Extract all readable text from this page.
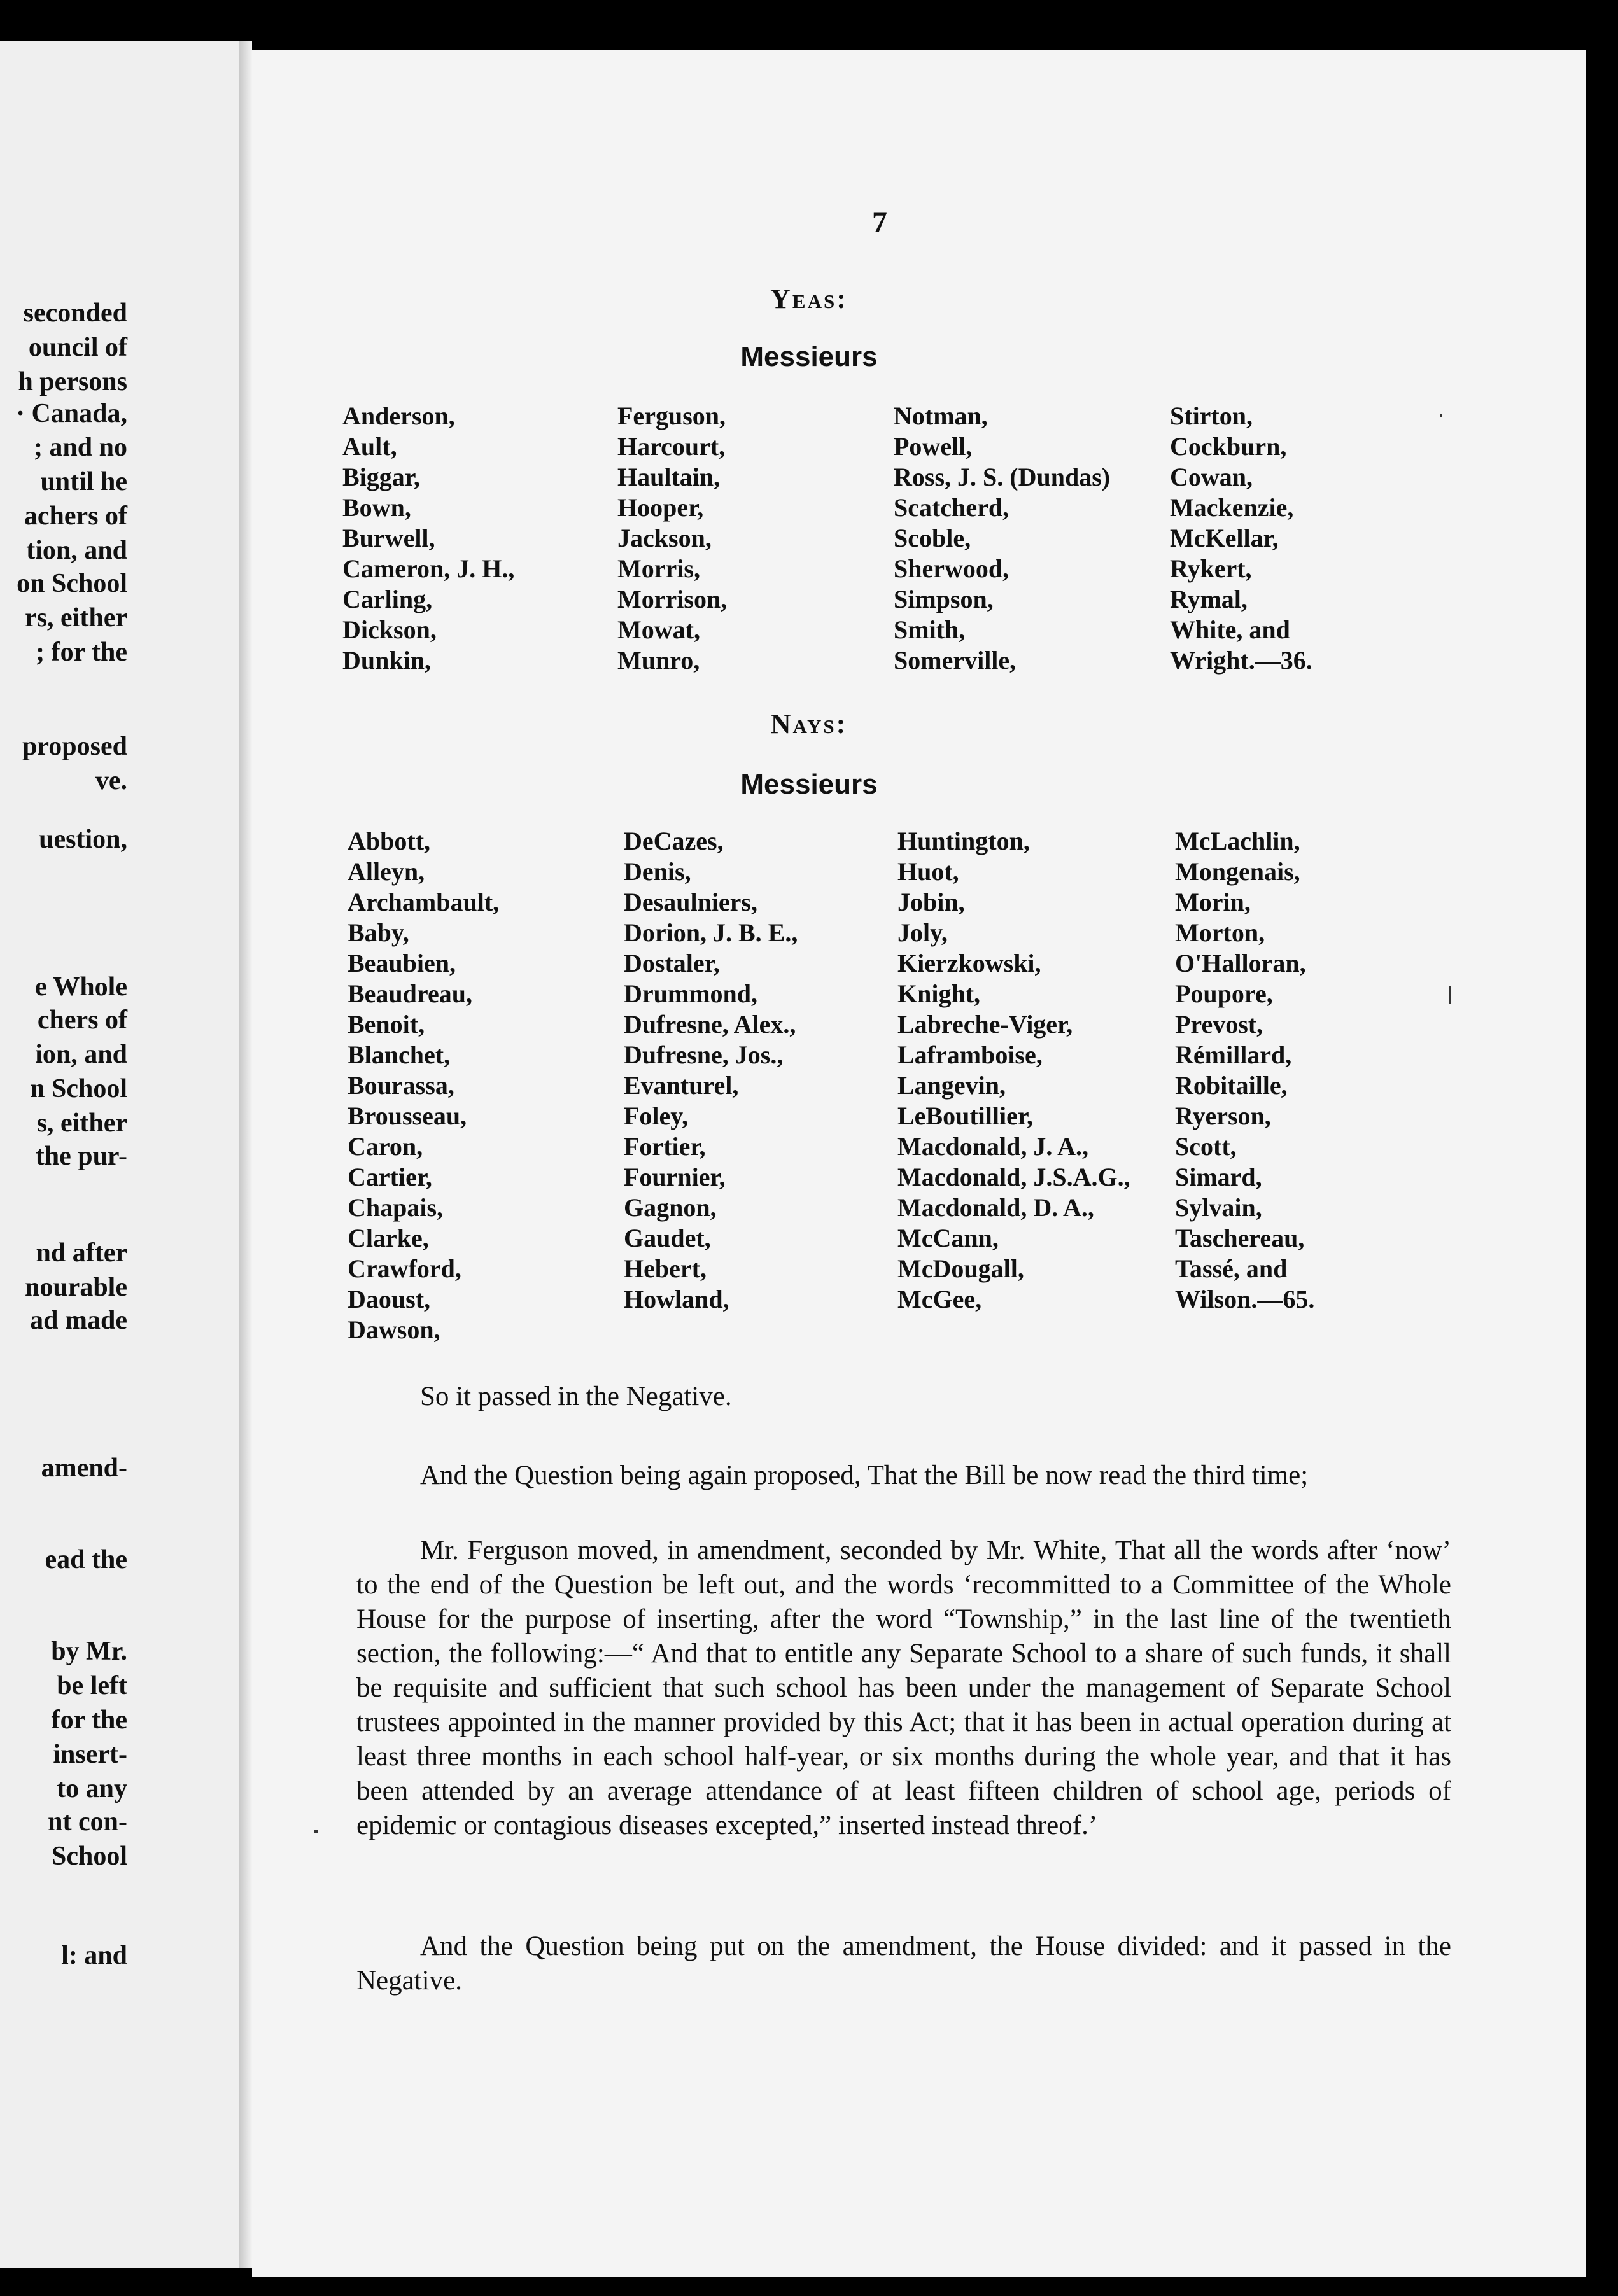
seconded

ouncil of

h persons

· Canada,

; and no

until he

achers of

tion, and

on School

rs, either

; for the

proposed

ve.

uestion,

e Whole

chers of

ion, and

n School

s, either

the pur-

nd after

nourable

ad made

amend-

ead the

by Mr.

be left

for the

insert-

to any

nt con-

School

l: and

7

Yeas:

Messieurs

Anderson,
Ault,
Biggar,
Bown,
Burwell,
Cameron, J. H.,
Carling,
Dickson,
Dunkin,
Ferguson,
Harcourt,
Haultain,
Hooper,
Jackson,
Morris,
Morrison,
Mowat,
Munro,
Notman,
Powell,
Ross, J. S. (Dundas)
Scatcherd,
Scoble,
Sherwood,
Simpson,
Smith,
Somerville,
Stirton,
Cockburn,
Cowan,
Mackenzie,
McKellar,
Rykert,
Rymal,
White, and
Wright.—36.

Nays:

Messieurs

Abbott,
Alleyn,
Archambault,
Baby,
Beaubien,
Beaudreau,
Benoit,
Blanchet,
Bourassa,
Brousseau,
Caron,
Cartier,
Chapais,
Clarke,
Crawford,
Daoust,
Dawson,
DeCazes,
Denis,
Desaulniers,
Dorion, J. B. E.,
Dostaler,
Drummond,
Dufresne, Alex.,
Dufresne, Jos.,
Evanturel,
Foley,
Fortier,
Fournier,
Gagnon,
Gaudet,
Hebert,
Howland,
Huntington,
Huot,
Jobin,
Joly,
Kierzkowski,
Knight,
Labreche-Viger,
Laframboise,
Langevin,
LeBoutillier,
Macdonald, J. A.,
Macdonald, J.S.A.G.,
Macdonald, D. A.,
McCann,
McDougall,
McGee,
McLachlin,
Mongenais,
Morin,
Morton,
O'Halloran,
Poupore,
Prevost,
Rémillard,
Robitaille,
Ryerson,
Scott,
Simard,
Sylvain,
Taschereau,
Tassé, and
Wilson.—65.

So it passed in the Negative.

And the Question being again proposed, That the Bill be now read the third time;

Mr. Ferguson moved, in amendment, seconded by Mr. White, That all the words after ‘now’ to the end of the Question be left out, and the words ‘recommitted to a Committee of the Whole House for the purpose of inserting, after the word “Township,” in the last line of the twentieth section, the following:—“ And that to entitle any Separate School to a share of such funds, it shall be requisite and sufficient that such school has been under the management of Separate School trustees appointed in the manner provided by this Act; that it has been in actual operation during at least three months in each school half-year, or six months during the whole year, and that it has been attended by an average attendance of at least fifteen children of school age, periods of epidemic or contagious diseases excepted,” inserted instead threof.’

And the Question being put on the amendment, the House divided: and it passed in the Negative.
